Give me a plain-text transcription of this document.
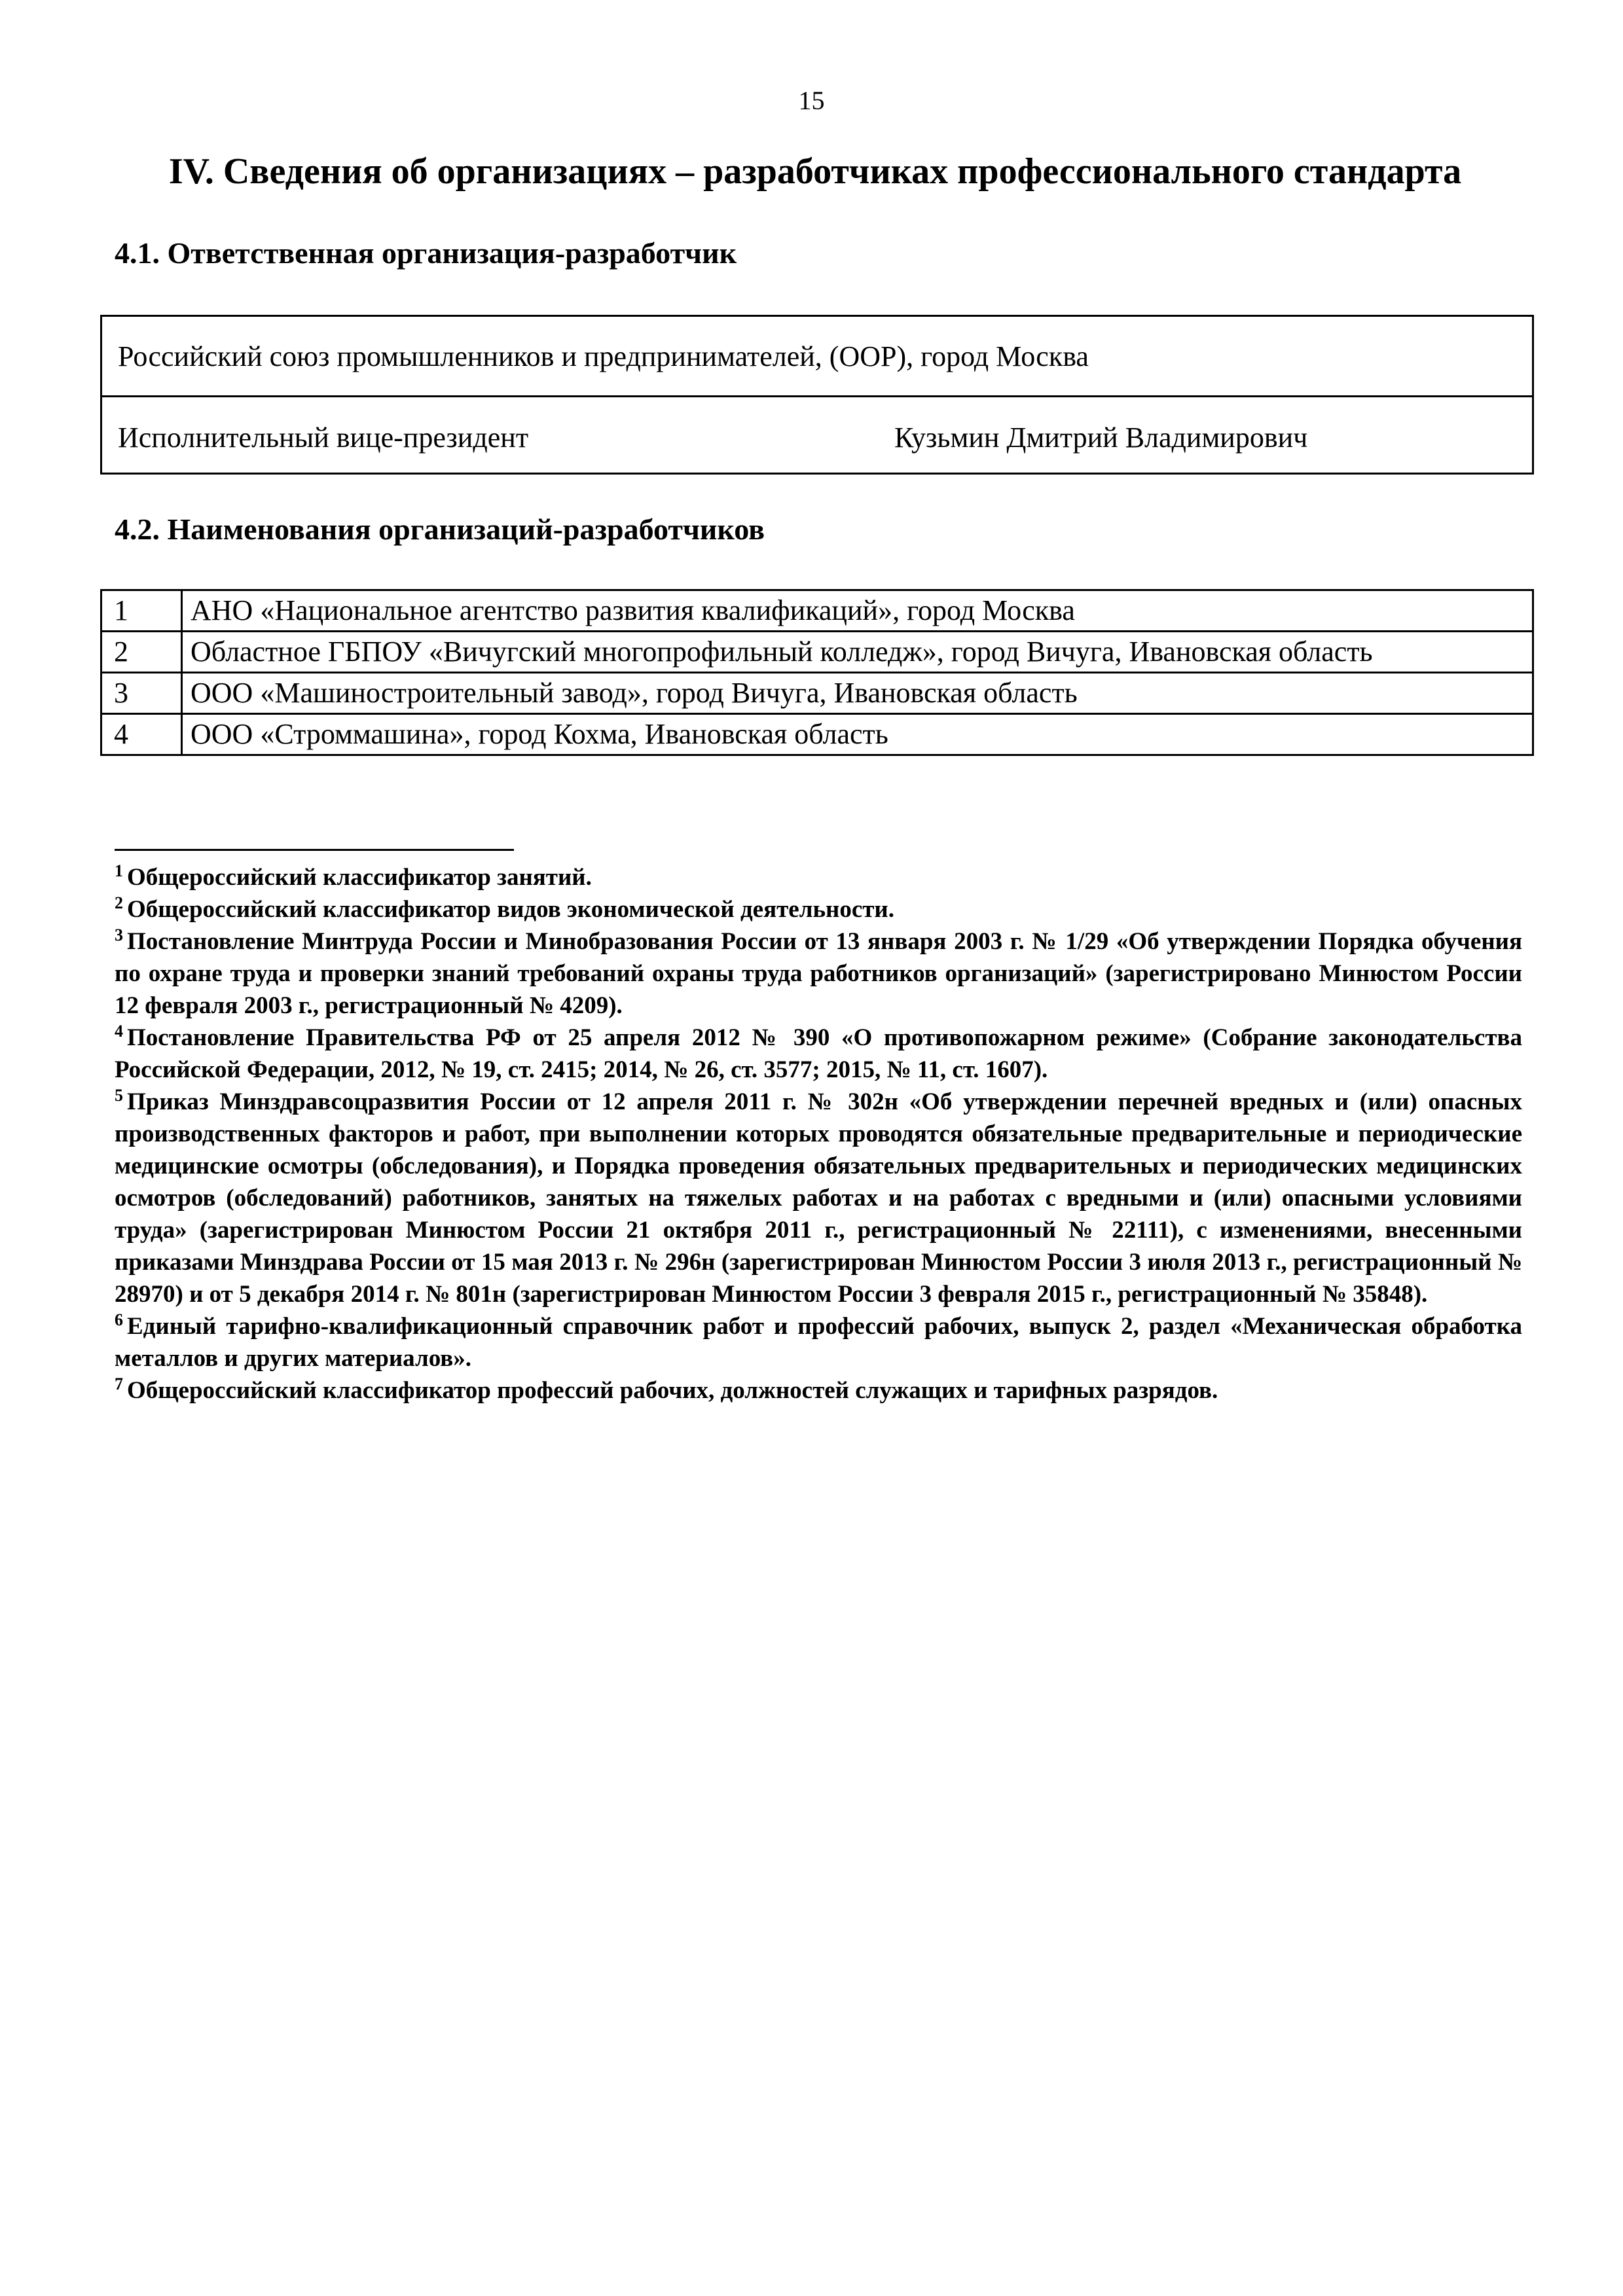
15
IV. Сведения об организациях – разработчиках профессионального стандарта
4.1. Ответственная организация-разработчик
Российский союз промышленников и предпринимателей, (ООР), город Москва
Исполнительный вице-президент	Кузьмин Дмитрий Владимирович
4.2. Наименования организаций-разработчиков
1	АНО «Национальное агентство развития квалификаций», город Москва
2	Областное ГБПОУ «Вичугский многопрофильный колледж», город Вичуга, Ивановская область
3	ООО «Машиностроительный завод», город Вичуга, Ивановская область
4	ООО «Строммашина», город Кохма, Ивановская область

$^1$ Общероссийский классификатор занятий.

$^2$ Общероссийский классификатор видов экономической деятельности.

$^3$ Постановление Минтруда России и Минобразования России от 13 января 2003 г. № 1/29 «Об утверждении Порядка обучения по охране труда и проверки знаний требований охраны труда работников организаций» (зарегистрировано Минюстом России 12 февраля 2003 г., регистрационный № 4209).

$^4$ Постановление Правительства РФ от 25 апреля 2012 № 390 «О противопожарном режиме» (Собрание законодательства Российской Федерации, 2012, № 19, ст. 2415; 2014, № 26, ст. 3577; 2015, № 11, ст. 1607).

$^5$ Приказ Минздравсоцразвития России от 12 апреля 2011 г. № 302н «Об утверждении перечней вредных и (или) опасных производственных факторов и работ, при выполнении которых проводятся обязательные предварительные и периодические медицинские осмотры (обследования), и Порядка проведения обязательных предварительных и периодических медицинских осмотров (обследований) работников, занятых на тяжелых работах и на работах с вредными и (или) опасными условиями труда» (зарегистрирован Минюстом России 21 октября 2011 г., регистрационный № 22111), с изменениями, внесенными приказами Минздрава России от 15 мая 2013 г. № 296н (зарегистрирован Минюстом России 3 июля 2013 г., регистрационный № 28970) и от 5 декабря 2014 г. № 801н (зарегистрирован Минюстом России 3 февраля 2015 г., регистрационный № 35848).

$^6$ Единый тарифно-квалификационный справочник работ и профессий рабочих, выпуск 2, раздел «Механическая обработка металлов и других материалов».

$^7$ Общероссийский классификатор профессий рабочих, должностей служащих и тарифных разрядов.
